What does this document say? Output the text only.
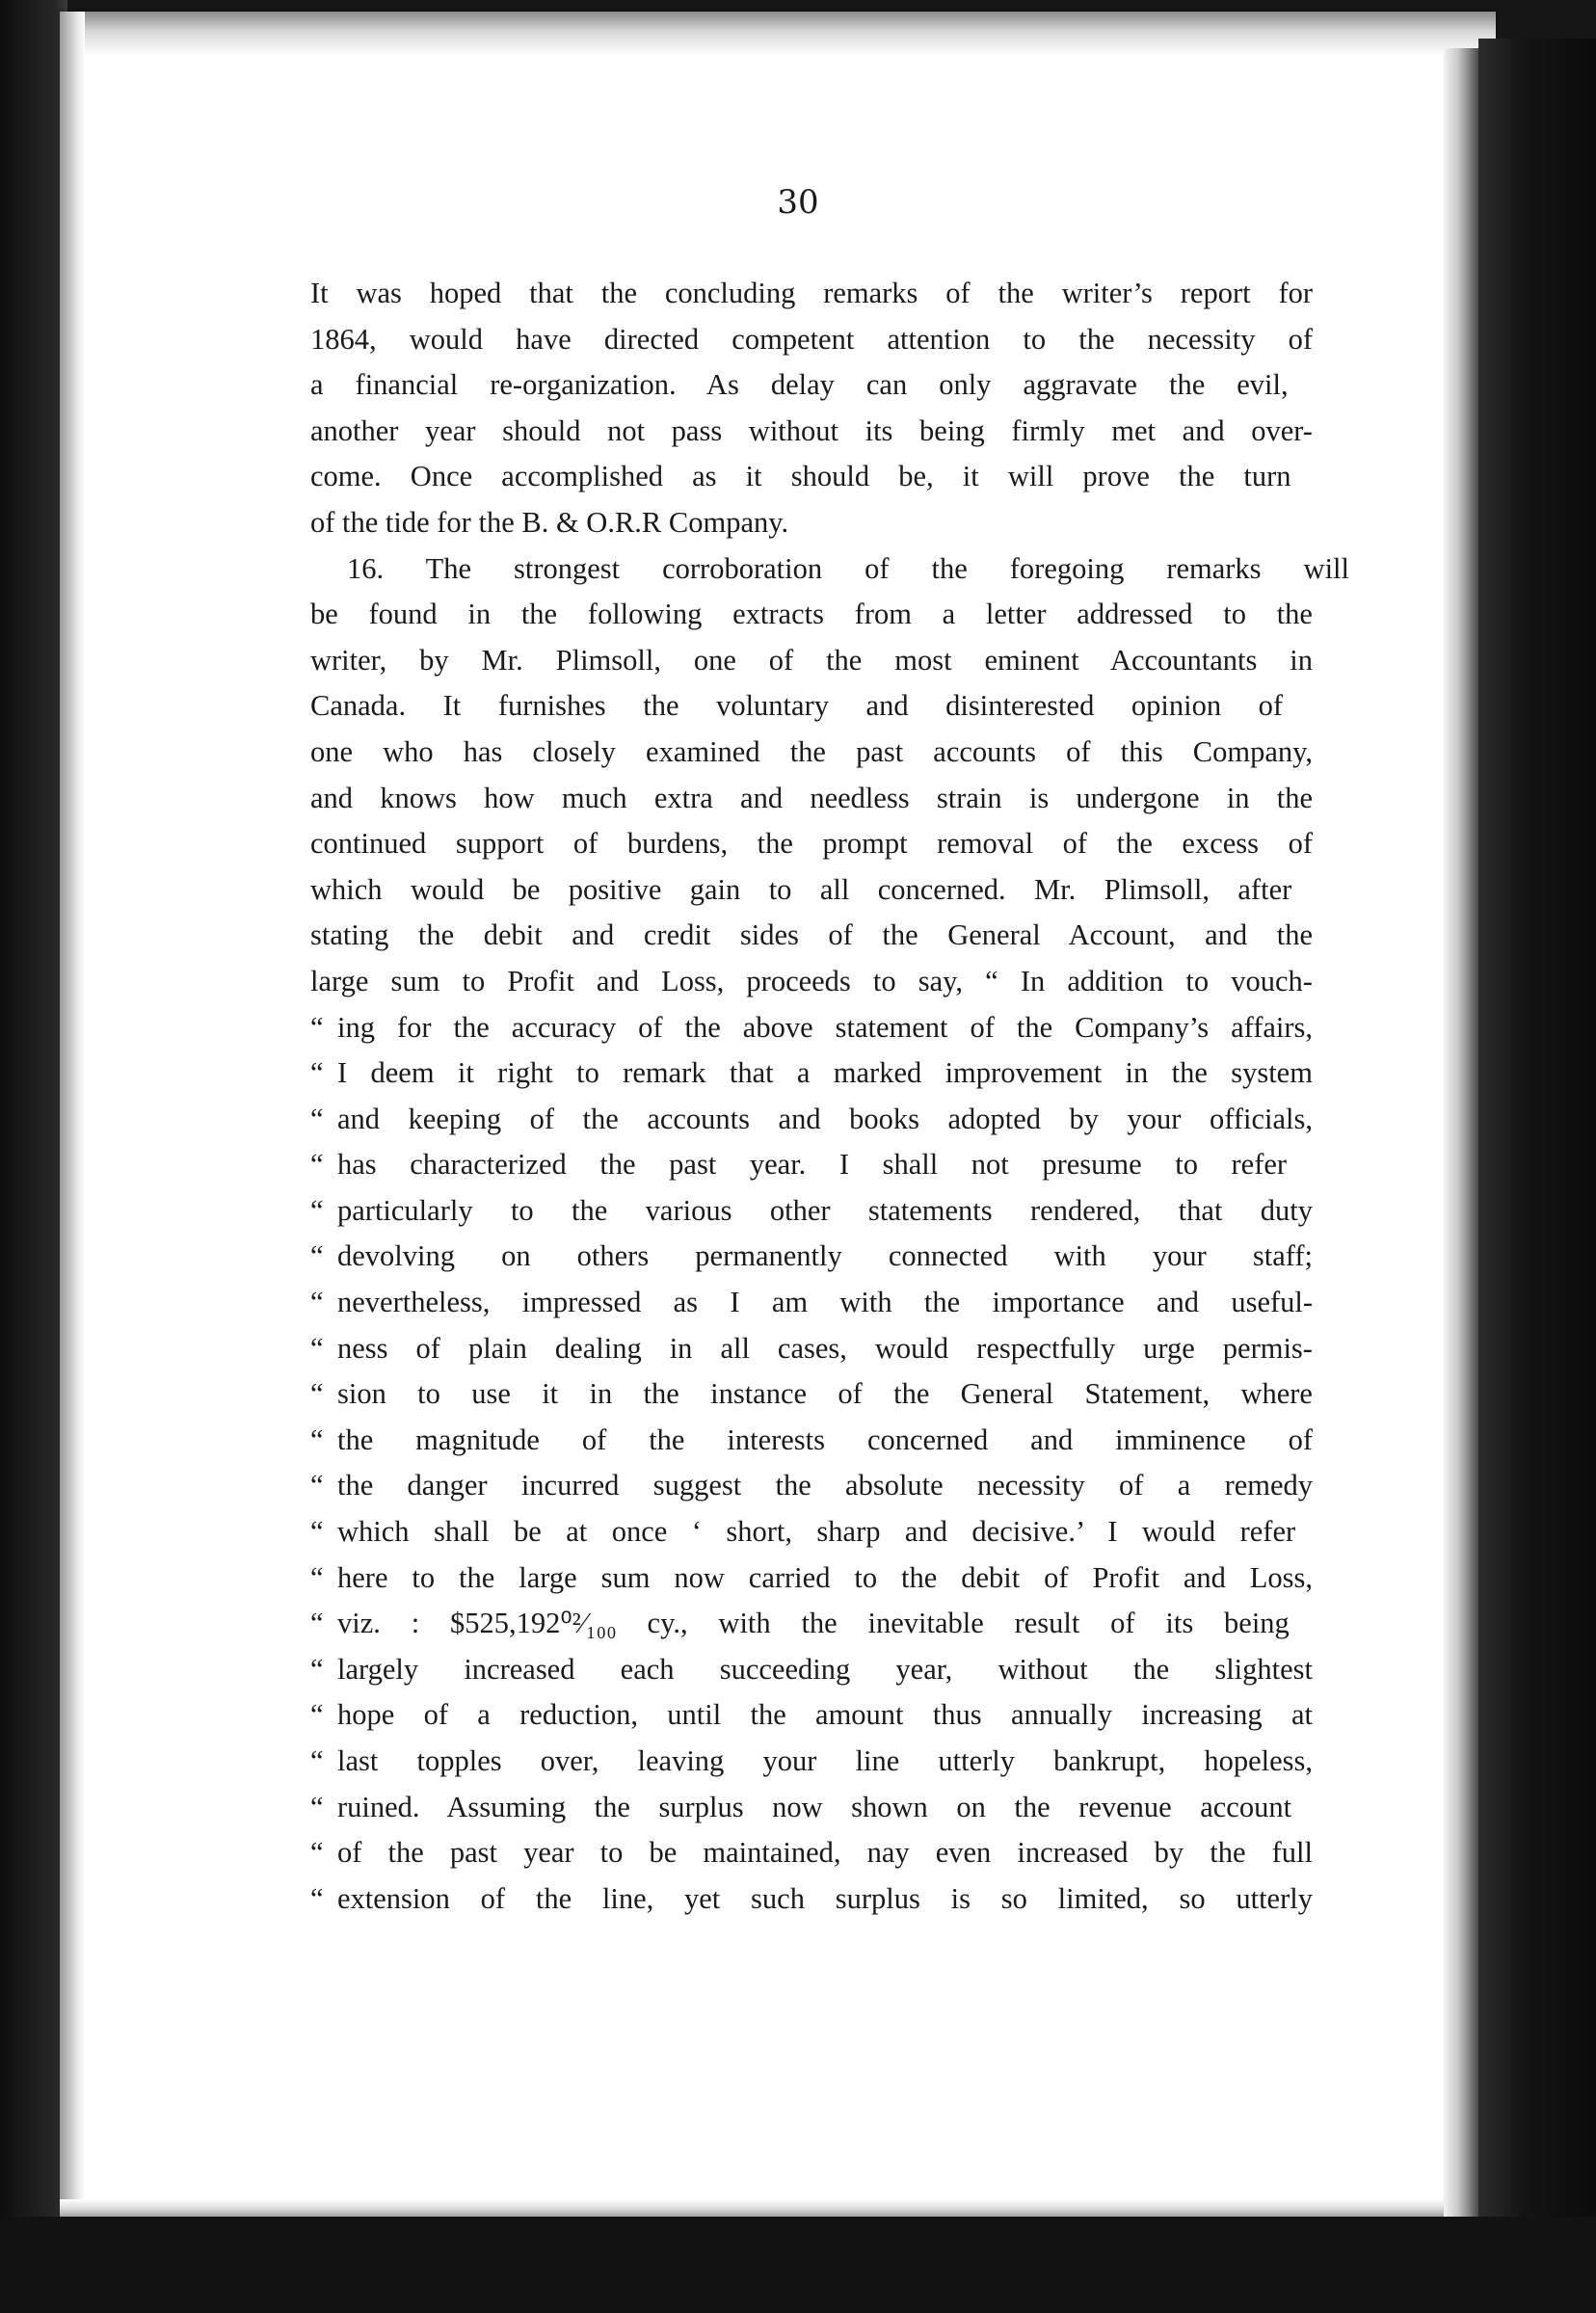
30
It was hoped that the concluding remarks of the writer’s report for
1864, would have directed competent attention to the necessity of
a financial re-organization. As delay can only aggravate the evil,
another year should not pass without its being firmly met and over-
come. Once accomplished as it should be, it will prove the turn
of the tide for the B. & O.R.R Company.
16. The strongest corroboration of the foregoing remarks will
be found in the following extracts from a letter addressed to the
writer, by Mr. Plimsoll, one of the most eminent Accountants in
Canada. It furnishes the voluntary and disinterested opinion of
one who has closely examined the past accounts of this Company,
and knows how much extra and needless strain is undergone in the
continued support of burdens, the prompt removal of the excess of
which would be positive gain to all concerned. Mr. Plimsoll, after
stating the debit and credit sides of the General Account, and the
large sum to Profit and Loss, proceeds to say, “ In addition to vouch-
“ ing for the accuracy of the above statement of the Company’s affairs,
“ I deem it right to remark that a marked improvement in the system
“ and keeping of the accounts and books adopted by your officials,
“ has characterized the past year. I shall not presume to refer
“ particularly to the various other statements rendered, that duty
“ devolving on others permanently connected with your staff;
“ nevertheless, impressed as I am with the importance and useful-
“ ness of plain dealing in all cases, would respectfully urge permis-
“ sion to use it in the instance of the General Statement, where
“ the magnitude of the interests concerned and imminence of
“ the danger incurred suggest the absolute necessity of a remedy
“ which shall be at once ‘ short, sharp and decisive.’ I would refer
“ here to the large sum now carried to the debit of Profit and Loss,
“ viz. : $525,192⁰²⁄₁₀₀ cy., with the inevitable result of its being
“ largely increased each succeeding year, without the slightest
“ hope of a reduction, until the amount thus annually increasing at
“ last topples over, leaving your line utterly bankrupt, hopeless,
“ ruined. Assuming the surplus now shown on the revenue account
“ of the past year to be maintained, nay even increased by the full
“ extension of the line, yet such surplus is so limited, so utterly
